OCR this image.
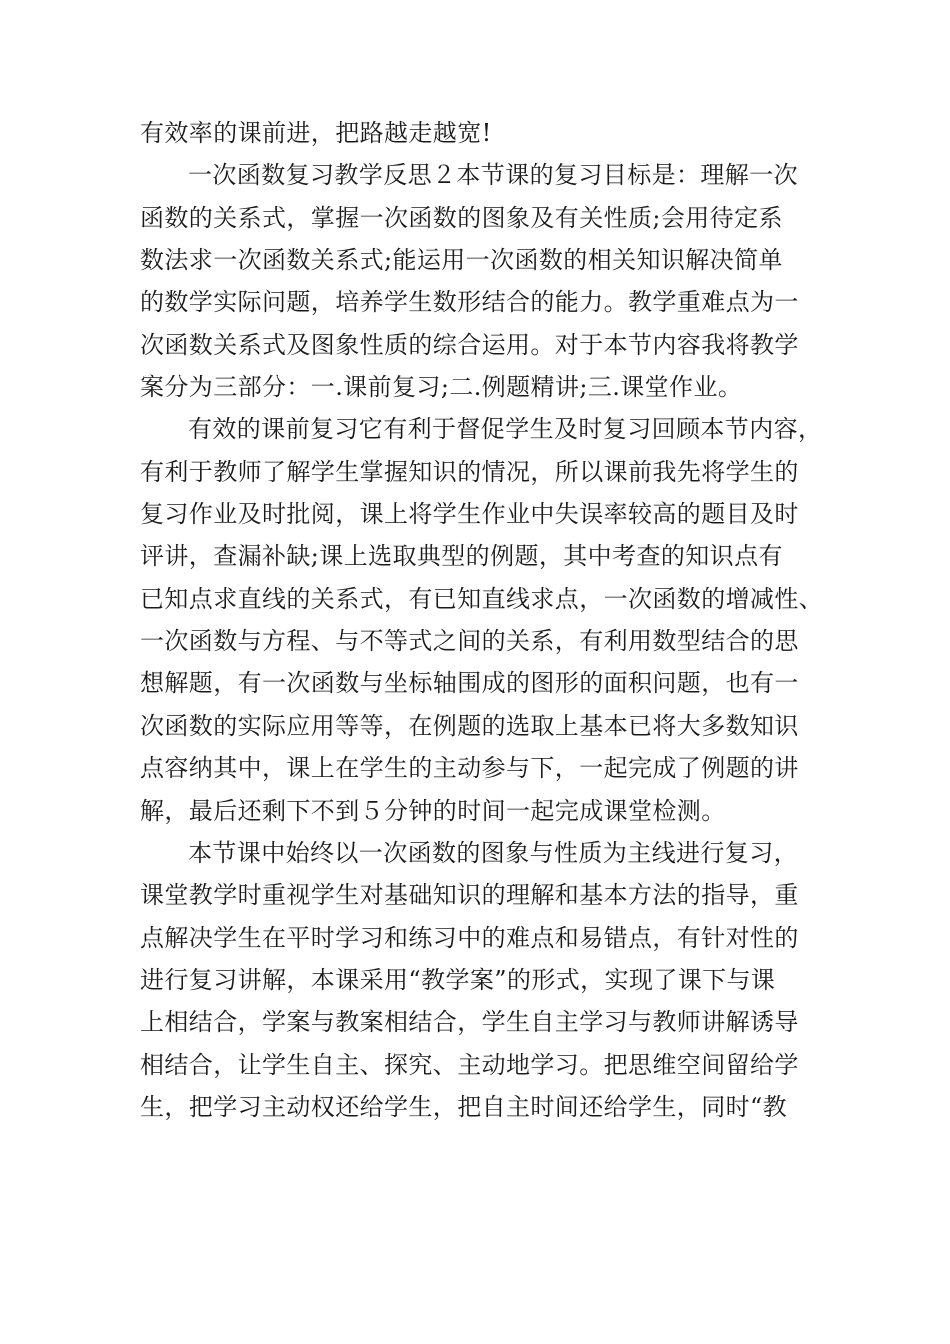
有效率的课前进，把路越走越宽!
一次函数复习教学反思２本节课的复习目标是：理解一次
函数的关系式，掌握一次函数的图象及有关性质;会用待定系
数法求一次函数关系式;能运用一次函数的相关知识解决简单
的数学实际问题，培养学生数形结合的能力。教学重难点为一
次函数关系式及图象性质的综合运用。对于本节内容我将教学
案分为三部分：一.课前复习;二.例题精讲;三.课堂作业。
有效的课前复习它有利于督促学生及时复习回顾本节内容，
有利于教师了解学生掌握知识的情况，所以课前我先将学生的
复习作业及时批阅，课上将学生作业中失误率较高的题目及时
评讲，查漏补缺;课上选取典型的例题，其中考查的知识点有
已知点求直线的关系式，有已知直线求点，一次函数的增减性、
一次函数与方程、与不等式之间的关系，有利用数型结合的思
想解题，有一次函数与坐标轴围成的图形的面积问题，也有一
次函数的实际应用等等，在例题的选取上基本已将大多数知识
点容纳其中，课上在学生的主动参与下，一起完成了例题的讲
解，最后还剩下不到５分钟的时间一起完成课堂检测。
本节课中始终以一次函数的图象与性质为主线进行复习，
课堂教学时重视学生对基础知识的理解和基本方法的指导，重
点解决学生在平时学习和练习中的难点和易错点，有针对性的
进行复习讲解，本课采用“教学案”的形式，实现了课下与课
上相结合，学案与教案相结合，学生自主学习与教师讲解诱导
相结合，让学生自主、探究、主动地学习。把思维空间留给学
生，把学习主动权还给学生，把自主时间还给学生，同时“教
